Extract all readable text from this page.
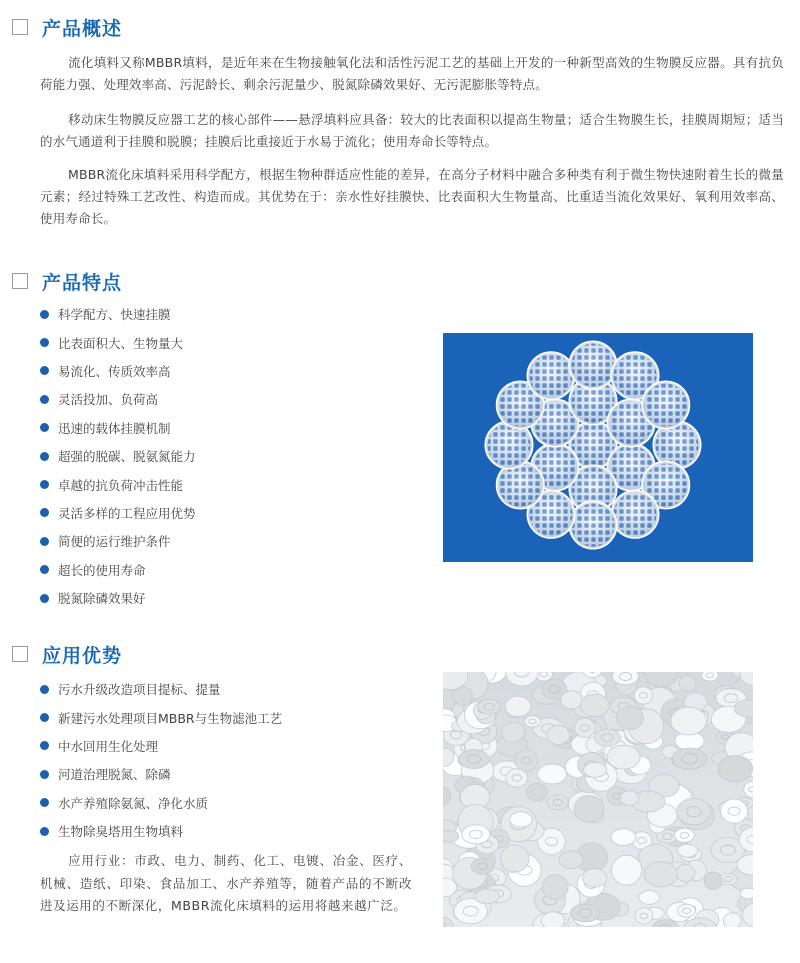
产品概述

流化填料又称MBBR填料，是近年来在生物接触氧化法和活性污泥工艺的基础上开发的一种新型高效的生物膜反应器。具有抗负荷能力强、处理效率高、污泥龄长、剩余污泥量少、脱氮除磷效果好、无污泥膨胀等特点。

移动床生物膜反应器工艺的核心部件——悬浮填料应具备：较大的比表面积以提高生物量；适合生物膜生长，挂膜周期短；适当的水气通道利于挂膜和脱膜；挂膜后比重接近于水易于流化；使用寿命长等特点。

MBBR流化床填料采用科学配方，根据生物种群适应性能的差异，在高分子材料中融合多种类有利于微生物快速附着生长的微量元素；经过特殊工艺改性、构造而成。其优势在于：亲水性好挂膜快、比表面积大生物量高、比重适当流化效果好、氧利用效率高、使用寿命长。

产品特点
科学配方、快速挂膜
比表面积大、生物量大
易流化、传质效率高
灵活投加、负荷高
迅速的载体挂膜机制
超强的脱碳、脱氨氮能力
卓越的抗负荷冲击性能
灵活多样的工程应用优势
简便的运行维护条件
超长的使用寿命
脱氮除磷效果好
应用优势
污水升级改造项目提标、提量
新建污水处理项目MBBR与生物滤池工艺
中水回用生化处理
河道治理脱氮、除磷
水产养殖除氨氮、净化水质
生物除臭塔用生物填料

应用行业：市政、电力、制药、化工、电镀、冶金、医疗、机械、造纸、印染、食品加工、水产养殖等，随着产品的不断改进及运用的不断深化，MBBR流化床填料的运用将越来越广泛。
